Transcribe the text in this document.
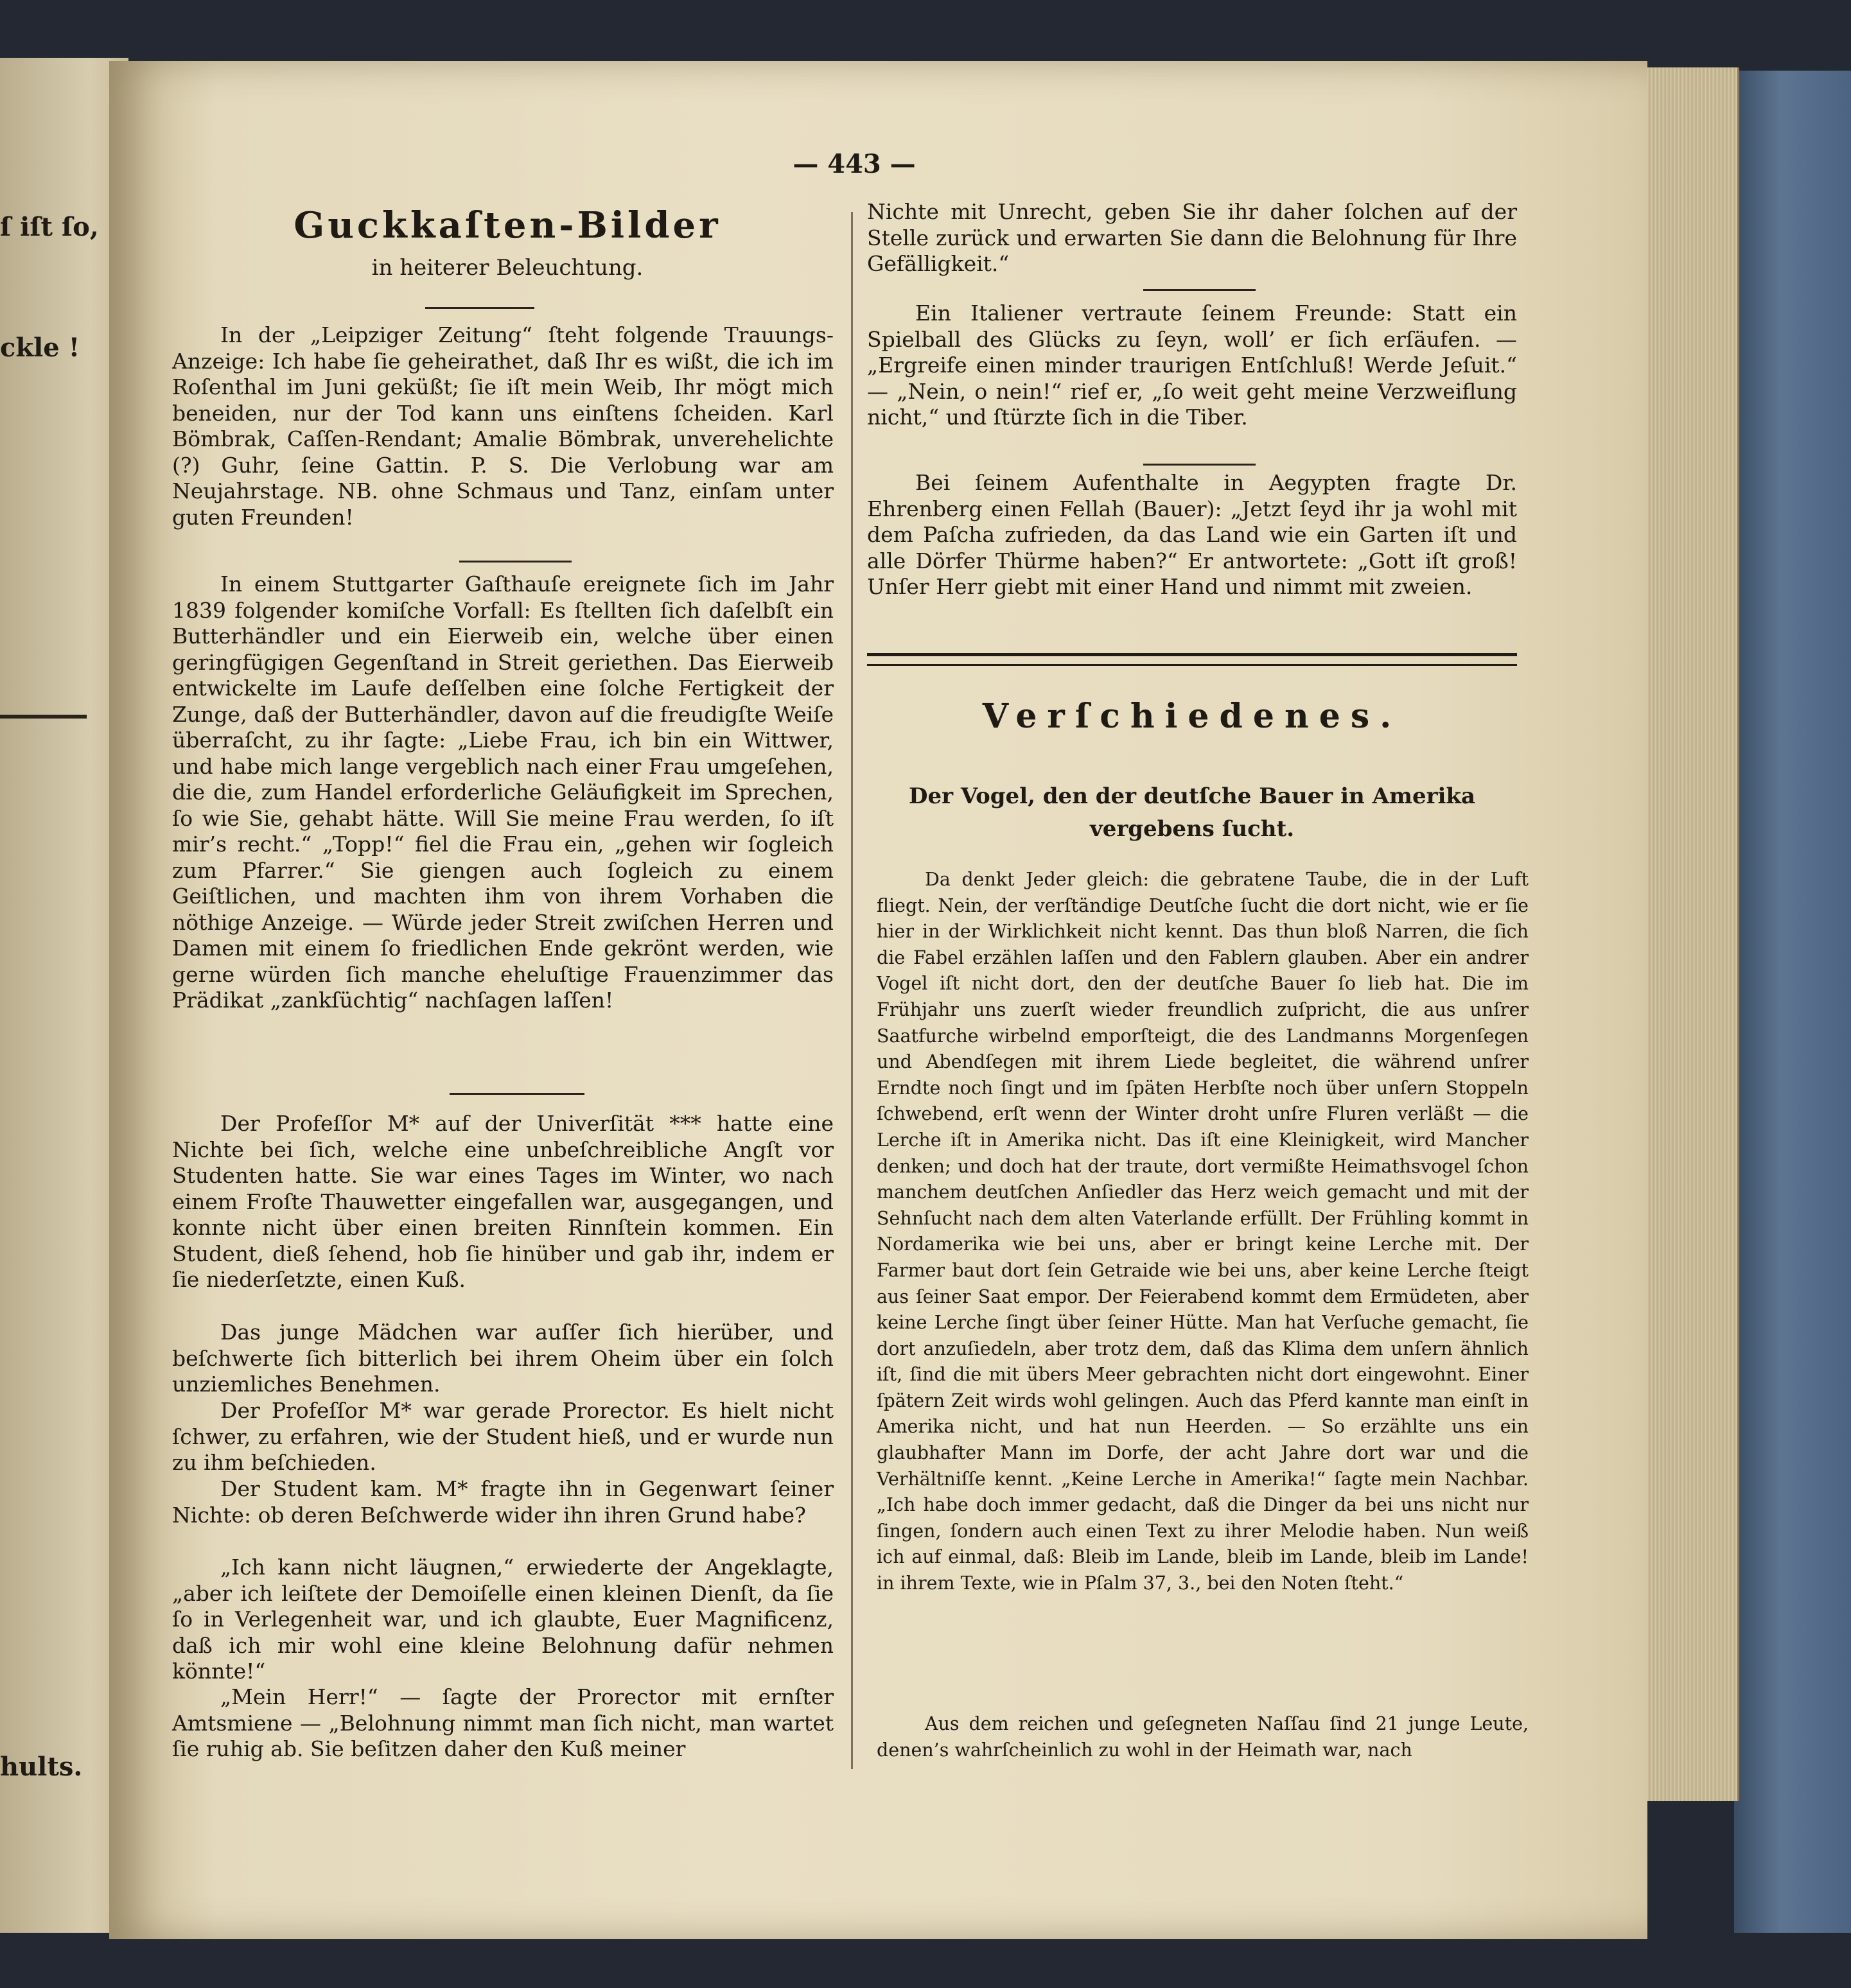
ſ iſt ſo,
ckle !
hults.
— 443 —
Guckkaſten-Bilder
in heiterer Beleuchtung.

In der „Leipziger Zeitung“ ſteht folgende Trauungs-Anzeige: Ich habe ſie geheirathet, daß Ihr es wißt, die ich im Roſenthal im Juni geküßt; ſie iſt mein Weib, Ihr mögt mich beneiden, nur der Tod kann uns einſtens ſcheiden. Karl Bömbrak, Caſſen-Rendant; Amalie Bömbrak, unverehelichte (?) Guhr, ſeine Gattin. P. S. Die Verlobung war am Neujahrstage. NB. ohne Schmaus und Tanz, einſam unter guten Freunden!

In einem Stuttgarter Gaſthauſe ereignete ſich im Jahr 1839 folgender komiſche Vorfall: Es ſtellten ſich daſelbſt ein Butterhändler und ein Eierweib ein, welche über einen geringfügigen Gegenſtand in Streit geriethen. Das Eierweib entwickelte im Laufe deſſelben eine ſolche Fertigkeit der Zunge, daß der Butterhändler, davon auf die freudigſte Weiſe überraſcht, zu ihr ſagte: „Liebe Frau, ich bin ein Wittwer, und habe mich lange vergeblich nach einer Frau umgeſehen, die die, zum Handel erforderliche Geläufigkeit im Sprechen, ſo wie Sie, gehabt hätte. Will Sie meine Frau werden, ſo iſt mir’s recht.“ „Topp!“ fiel die Frau ein, „gehen wir ſogleich zum Pfarrer.“ Sie giengen auch ſogleich zu einem Geiſtlichen, und machten ihm von ihrem Vorhaben die nöthige Anzeige. — Würde jeder Streit zwiſchen Herren und Damen mit einem ſo friedlichen Ende gekrönt werden, wie gerne würden ſich manche eheluſtige Frauenzimmer das Prädikat „zankſüchtig“ nachſagen laſſen!

Der Profeſſor M* auf der Univerſität *** hatte eine Nichte bei ſich, welche eine unbeſchreibliche Angſt vor Studenten hatte. Sie war eines Tages im Winter, wo nach einem Froſte Thauwetter eingefallen war, ausgegangen, und konnte nicht über einen breiten Rinnſtein kommen. Ein Student, dieß ſehend, hob ſie hinüber und gab ihr, indem er ſie niederſetzte, einen Kuß.

Das junge Mädchen war auſſer ſich hierüber, und beſchwerte ſich bitterlich bei ihrem Oheim über ein ſolch unziemliches Benehmen.

Der Profeſſor M* war gerade Prorector. Es hielt nicht ſchwer, zu erfahren, wie der Student hieß, und er wurde nun zu ihm beſchieden.

Der Student kam. M* fragte ihn in Gegenwart ſeiner Nichte: ob deren Beſchwerde wider ihn ihren Grund habe?

„Ich kann nicht läugnen,“ erwiederte der Angeklagte, „aber ich leiſtete der Demoiſelle einen kleinen Dienſt, da ſie ſo in Verlegenheit war, und ich glaubte, Euer Magnificenz, daß ich mir wohl eine kleine Belohnung dafür nehmen könnte!“

„Mein Herr!“ — ſagte der Prorector mit ernſter Amtsmiene — „Belohnung nimmt man ſich nicht, man wartet ſie ruhig ab. Sie beſitzen daher den Kuß meiner

Nichte mit Unrecht, geben Sie ihr daher ſolchen auf der Stelle zurück und erwarten Sie dann die Belohnung für Ihre Gefälligkeit.“

Ein Italiener vertraute ſeinem Freunde: Statt ein Spielball des Glücks zu ſeyn, woll’ er ſich erſäufen. — „Ergreife einen minder traurigen Entſchluß! Werde Jeſuit.“ — „Nein, o nein!“ rief er, „ſo weit geht meine Verzweiflung nicht,“ und ſtürzte ſich in die Tiber.

Bei ſeinem Aufenthalte in Aegypten fragte Dr. Ehrenberg einen Fellah (Bauer): „Jetzt ſeyd ihr ja wohl mit dem Paſcha zufrieden, da das Land wie ein Garten iſt und alle Dörfer Thürme haben?“ Er antwortete: „Gott iſt groß! Unſer Herr giebt mit einer Hand und nimmt mit zweien.

Verſchiedenes.
Der Vogel, den der deutſche Bauer in Amerika vergebens ſucht.

Da denkt Jeder gleich: die gebratene Taube, die in der Luft fliegt. Nein, der verſtändige Deutſche ſucht die dort nicht, wie er ſie hier in der Wirklichkeit nicht kennt. Das thun bloß Narren, die ſich die Fabel erzählen laſſen und den Fablern glauben. Aber ein andrer Vogel iſt nicht dort, den der deutſche Bauer ſo lieb hat. Die im Frühjahr uns zuerſt wieder freundlich zuſpricht, die aus unſrer Saatfurche wirbelnd emporſteigt, die des Landmanns Morgenſegen und Abendſegen mit ihrem Liede begleitet, die während unſrer Erndte noch ſingt und im ſpäten Herbſte noch über unſern Stoppeln ſchwebend, erſt wenn der Winter droht unſre Fluren verläßt — die Lerche iſt in Amerika nicht. Das iſt eine Kleinigkeit, wird Mancher denken; und doch hat der traute, dort vermißte Heimathsvogel ſchon manchem deutſchen Anſiedler das Herz weich gemacht und mit der Sehnſucht nach dem alten Vaterlande erfüllt. Der Frühling kommt in Nordamerika wie bei uns, aber er bringt keine Lerche mit. Der Farmer baut dort ſein Getraide wie bei uns, aber keine Lerche ſteigt aus ſeiner Saat empor. Der Feierabend kommt dem Ermüdeten, aber keine Lerche ſingt über ſeiner Hütte. Man hat Verſuche gemacht, ſie dort anzuſiedeln, aber trotz dem, daß das Klima dem unſern ähnlich iſt, ſind die mit übers Meer gebrachten nicht dort eingewohnt. Einer ſpätern Zeit wirds wohl gelingen. Auch das Pferd kannte man einſt in Amerika nicht, und hat nun Heerden. — So erzählte uns ein glaubhafter Mann im Dorfe, der acht Jahre dort war und die Verhältniſſe kennt. „Keine Lerche in Amerika!“ ſagte mein Nachbar. „Ich habe doch immer gedacht, daß die Dinger da bei uns nicht nur ſingen, ſondern auch einen Text zu ihrer Melodie haben. Nun weiß ich auf einmal, daß: Bleib im Lande, bleib im Lande, bleib im Lande! in ihrem Texte, wie in Pſalm 37, 3., bei den Noten ſteht.“

Aus dem reichen und geſegneten Naſſau ſind 21 junge Leute, denen’s wahrſcheinlich zu wohl in der Heimath war, nach
